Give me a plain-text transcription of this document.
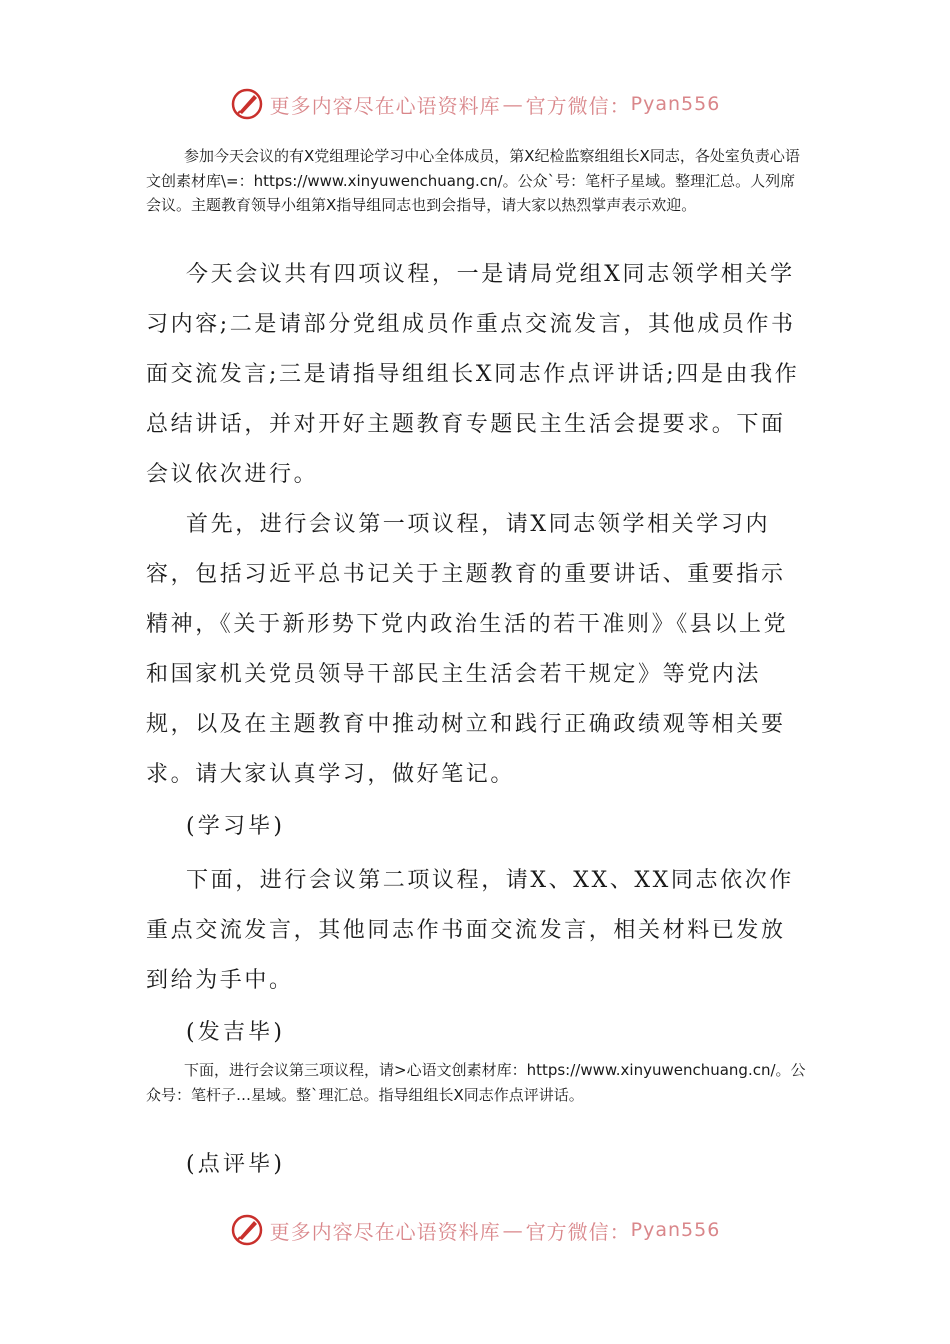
更多内容尽在心语资料库 — 官方微信： Pyan556

参加今天会议的有X党组理论学习中心全体成员，第X纪检监察组组长X同志，各处室负责心语文创素材库\=：https://www.xinyuwenchuang.cn/。公众`号：笔杆子星域。整理汇总。人列席会议。主题教育领导小组第X指导组同志也到会指导，请大家以热烈掌声表示欢迎。

今天会议共有四项议程，一是请局党组X同志领学相关学习内容;二是请部分党组成员作重点交流发言，其他成员作书面交流发言;三是请指导组组长X同志作点评讲话;四是由我作总结讲话，并对开好主题教育专题民主生活会提要求。下面会议依次进行。

首先，进行会议第一项议程，请X同志领学相关学习内容，包括习近平总书记关于主题教育的重要讲话、重要指示精神，《关于新形势下党内政治生活的若干准则》《县以上党和国家机关党员领导干部民主生活会若干规定》等党内法规，以及在主题教育中推动树立和践行正确政绩观等相关要求。请大家认真学习，做好笔记。

(学习毕)

下面，进行会议第二项议程，请X、XX、XX同志依次作重点交流发言，其他同志作书面交流发言，相关材料已发放到给为手中。

(发吉毕)

下面，进行会议第三项议程，请>心语文创素材库：https://www.xinyuwenchuang.cn/。公众号：笔杆子…星域。整`理汇总。指导组组长X同志作点评讲话。

(点评毕)

更多内容尽在心语资料库 — 官方微信： Pyan556
